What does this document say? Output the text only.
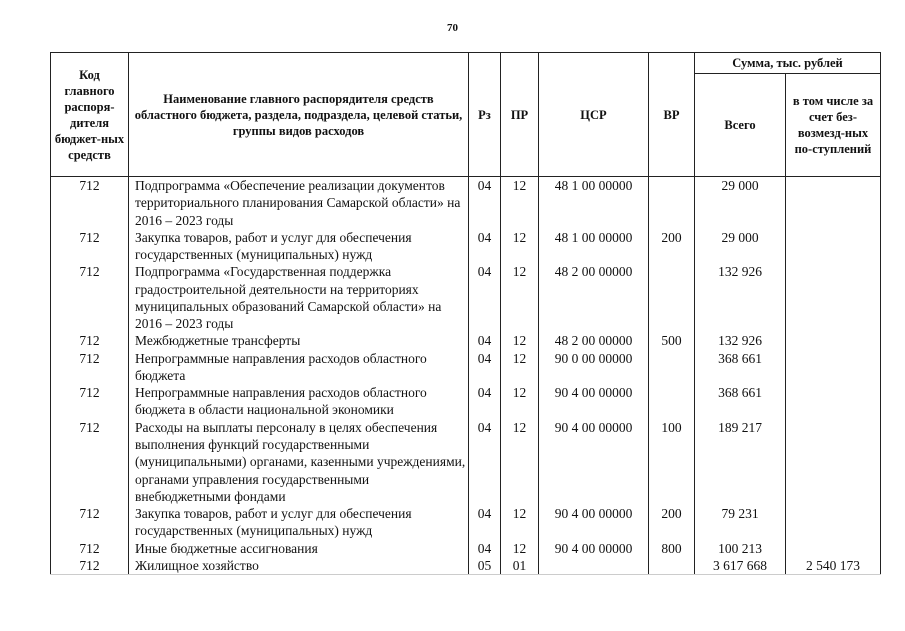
70
Код главного распоря-дителя бюджет-ных средств	Наименование главного распорядителя средств областного бюджета, раздела, подраздела, целевой статьи, группы видов расходов	Рз	ПР	ЦСР	ВР	Сумма, тыс. рублей	
						Всего	в том числе за счет без-возмезд-ных по-ступлений
712	Подпрограмма «Обеспечение реализации документов территориального планирования Самарской области» на 2016 – 2023 годы	04	12	48 1 00 00000		29 000	
712	Закупка товаров, работ и услуг для обеспечения государственных (муниципальных) нужд	04	12	48 1 00 00000	200	29 000	
712	Подпрограмма «Государственная поддержка градостроительной деятельности на территориях муниципальных образований Самарской области» на 2016 – 2023 годы	04	12	48 2 00 00000		132 926	
712	Межбюджетные трансферты	04	12	48 2 00 00000	500	132 926	
712	Непрограммные направления расходов областного бюджета	04	12	90 0 00 00000		368 661	
712	Непрограммные направления расходов областного бюджета в области национальной экономики	04	12	90 4 00 00000		368 661	
712	Расходы на выплаты персоналу в целях обеспечения выполнения функций государственными (муниципальными) органами, казенными учреждениями, органами управления государственными внебюджетными фондами	04	12	90 4 00 00000	100	189 217	
712	Закупка товаров, работ и услуг для обеспечения государственных (муниципальных) нужд	04	12	90 4 00 00000	200	79 231	
712	Иные бюджетные ассигнования	04	12	90 4 00 00000	800	100 213	
712	Жилищное хозяйство	05	01			3 617 668	2 540 173
